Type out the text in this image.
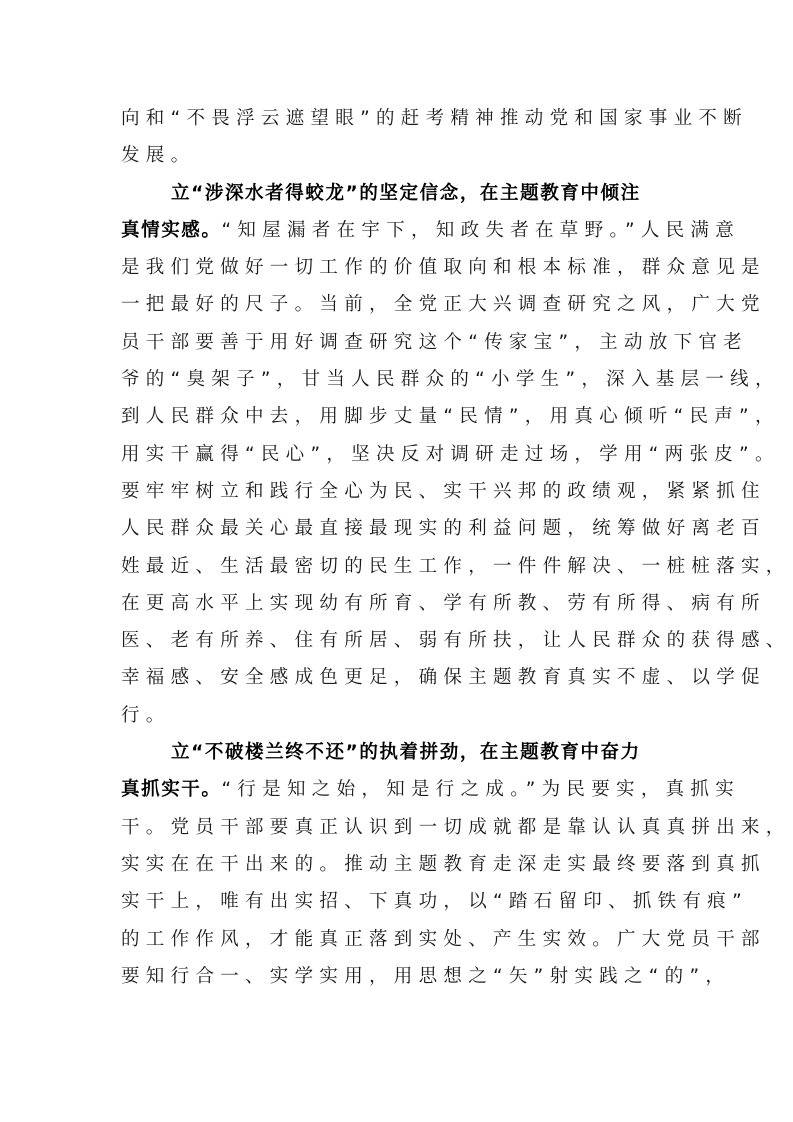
向和“不畏浮云遮望眼”的赶考精神推动党和国家事业不断
发展。
立“涉深水者得蛟龙”的坚定信念，在主题教育中倾注
真情实感。“知屋漏者在宇下，知政失者在草野。”人民满意
是我们党做好一切工作的价值取向和根本标准，群众意见是
一把最好的尺子。当前，全党正大兴调查研究之风，广大党
员干部要善于用好调查研究这个“传家宝”，主动放下官老
爷的“臭架子”，甘当人民群众的“小学生”，深入基层一线，
到人民群众中去，用脚步丈量“民情”，用真心倾听“民声”，
用实干赢得“民心”，坚决反对调研走过场，学用“两张皮”。
要牢牢树立和践行全心为民、实干兴邦的政绩观，紧紧抓住
人民群众最关心最直接最现实的利益问题，统筹做好离老百
姓最近、生活最密切的民生工作，一件件解决、一桩桩落实，
在更高水平上实现幼有所育、学有所教、劳有所得、病有所
医、老有所养、住有所居、弱有所扶，让人民群众的获得感、
幸福感、安全感成色更足，确保主题教育真实不虚、以学促
行。
立“不破楼兰终不还”的执着拼劲，在主题教育中奋力
真抓实干。“行是知之始，知是行之成。”为民要实，真抓实
干。党员干部要真正认识到一切成就都是靠认认真真拼出来，
实实在在干出来的。推动主题教育走深走实最终要落到真抓
实干上，唯有出实招、下真功，以“踏石留印、抓铁有痕”
的工作作风，才能真正落到实处、产生实效。广大党员干部
要知行合一、实学实用，用思想之“矢”射实践之“的”，
